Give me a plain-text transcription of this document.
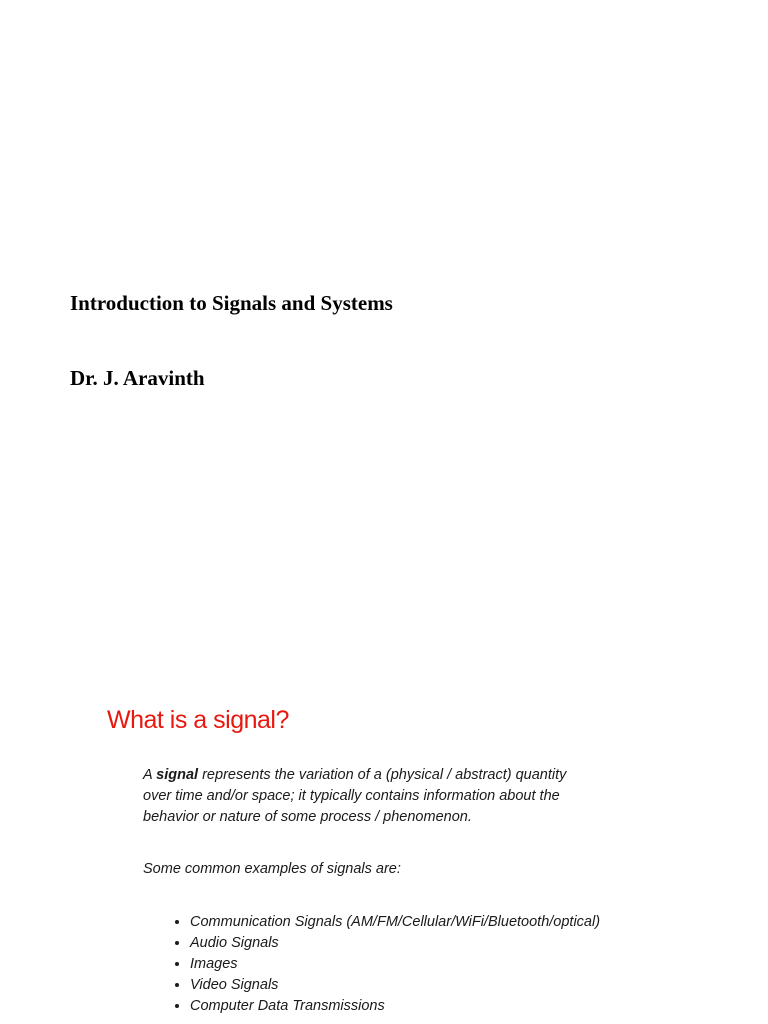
Introduction to Signals and Systems

Dr. J. Aravinth

What is a signal?

A signal represents the variation of a (physical / abstract) quantity over time and/or space; it typically contains information about the behavior or nature of some process / phenomenon.

Some common examples of signals are:

• Communication Signals (AM/FM/Cellular/WiFi/Bluetooth/optical)
• Audio Signals
• Images
• Video Signals
• Computer Data Transmissions
